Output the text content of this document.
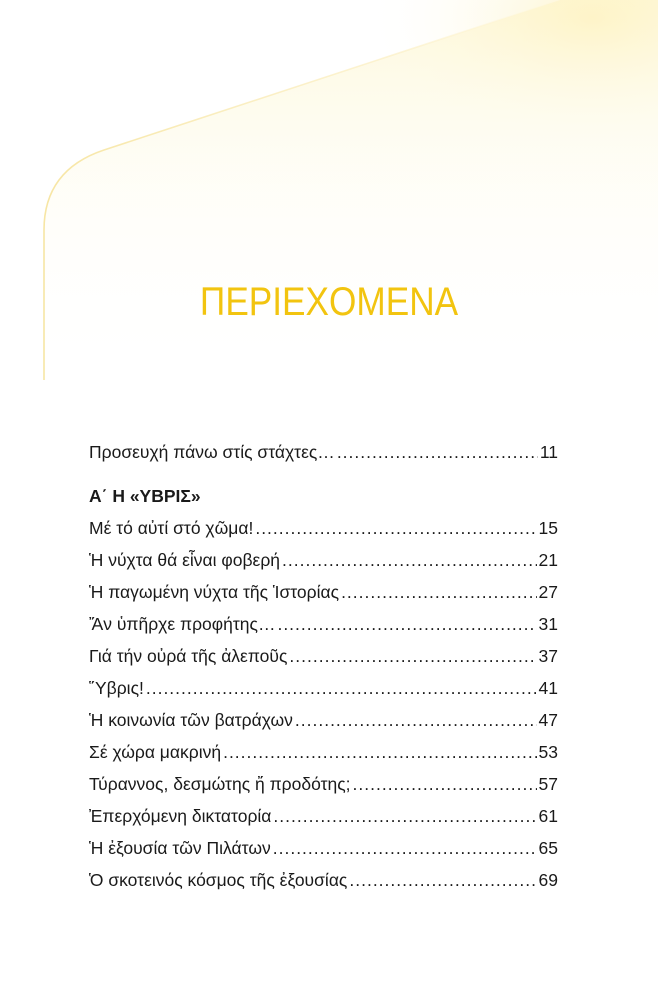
ΠΕΡΙΕΧΟΜΕΝΑ
Προσευχή πάνω στίς στάχτες… .....	11
Α΄ Η «ΥΒΡΙΣ»
Μέ τό αὐτί στό χῶμα! .....	15
Ἡ νύχτα θά εἶναι φοβερή .....	21
Ἡ παγωμένη νύχτα τῆς Ἱστορίας .....	27
Ἄν ὑπῆρχε προφήτης… .....	31
Γιά τήν οὐρά τῆς ἀλεποῦς .....	37
Ὕβρις! .....	41
Ἡ κοινωνία τῶν βατράχων .....	47
Σέ χώρα μακρινή .....	53
Τύραννος, δεσμώτης ἤ προδότης; .....	57
Ἐπερχόμενη δικτατορία .....	61
Ἡ ἐξουσία τῶν Πιλάτων .....	65
Ὁ σκοτεινός κόσμος τῆς ἐξουσίας .....	69
